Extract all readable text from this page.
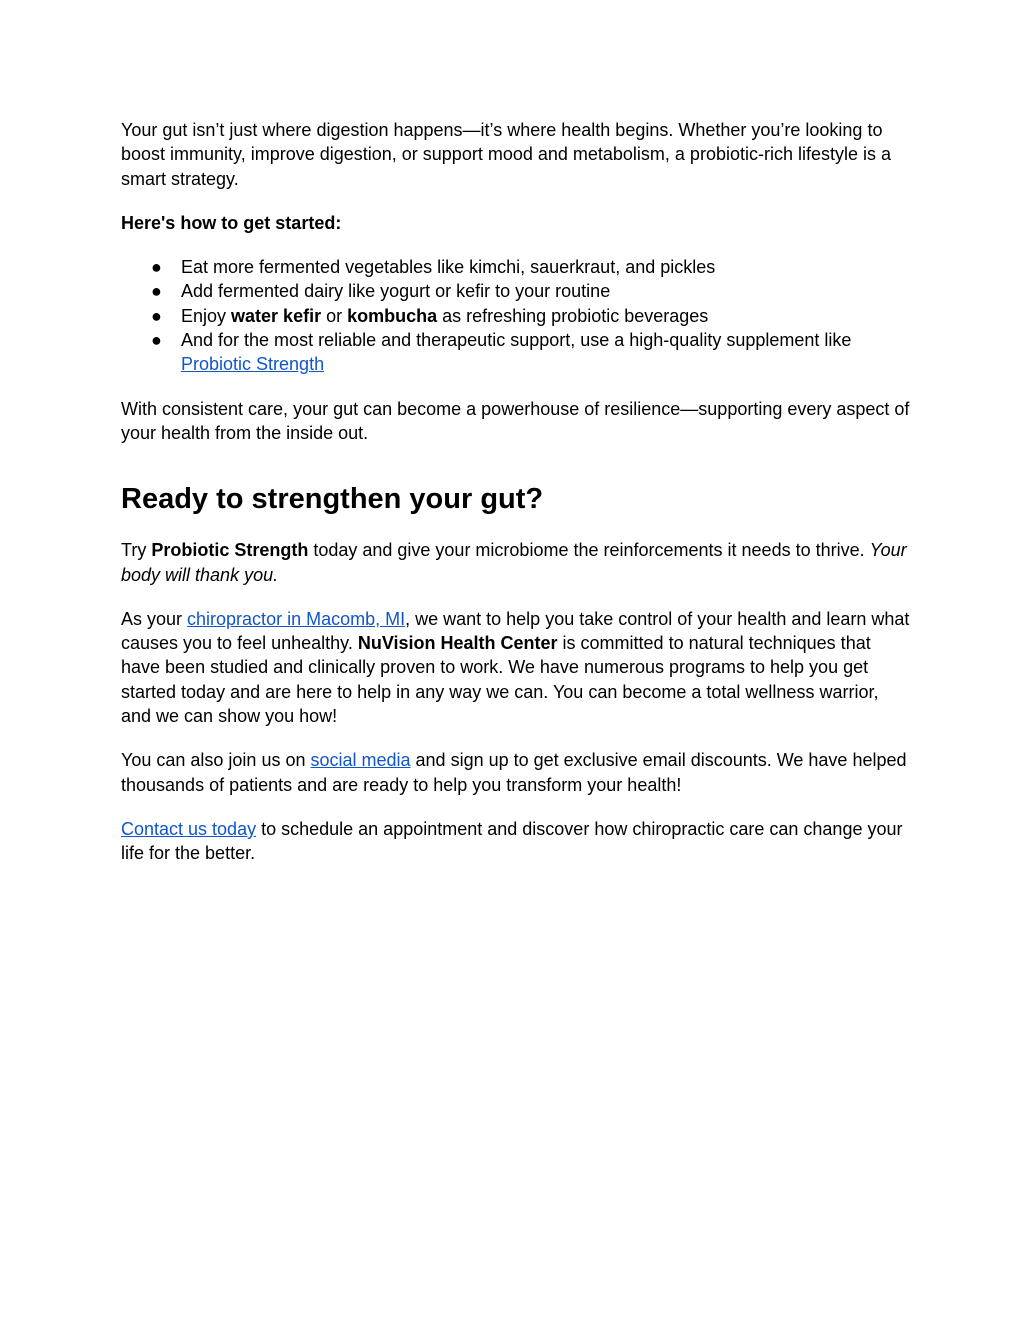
Your gut isn’t just where digestion happens—it’s where health begins. Whether you’re looking to boost immunity, improve digestion, or support mood and metabolism, a probiotic-rich lifestyle is a smart strategy.

Here's how to get started:

● Eat more fermented vegetables like kimchi, sauerkraut, and pickles
● Add fermented dairy like yogurt or kefir to your routine
● Enjoy water kefir or kombucha as refreshing probiotic beverages
● And for the most reliable and therapeutic support, use a high-quality supplement like Probiotic Strength

With consistent care, your gut can become a powerhouse of resilience—supporting every aspect of your health from the inside out.

Ready to strengthen your gut?

Try Probiotic Strength today and give your microbiome the reinforcements it needs to thrive. Your body will thank you.

As your chiropractor in Macomb, MI, we want to help you take control of your health and learn what causes you to feel unhealthy. NuVision Health Center is committed to natural techniques that have been studied and clinically proven to work. We have numerous programs to help you get started today and are here to help in any way we can. You can become a total wellness warrior, and we can show you how!

You can also join us on social media and sign up to get exclusive email discounts. We have helped thousands of patients and are ready to help you transform your health!

Contact us today to schedule an appointment and discover how chiropractic care can change your life for the better.
